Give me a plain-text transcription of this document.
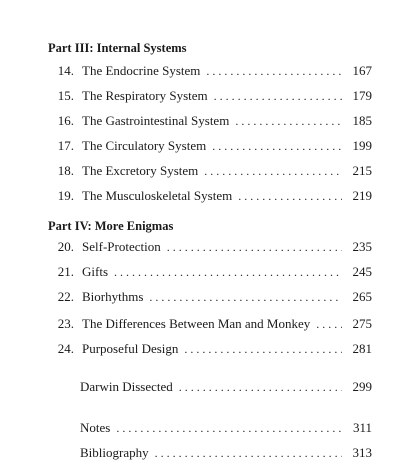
Part III: Internal Systems
14. The Endocrine System . . .	167
15. The Respiratory System . . .	179
16. The Gastrointestinal System . . .	185
17. The Circulatory System . . .	199
18. The Excretory System . . .	215
19. The Musculoskeletal System . . .	219
Part IV: More Enigmas
20. Self-Protection . . .	235
21. Gifts . . .	245
22. Biorhythms . . .	265
23. The Differences Between Man and Monkey . . .	275
24. Purposeful Design . . .	281
Darwin Dissected . . .	299
Notes . . .	311
Bibliography . . .	313
